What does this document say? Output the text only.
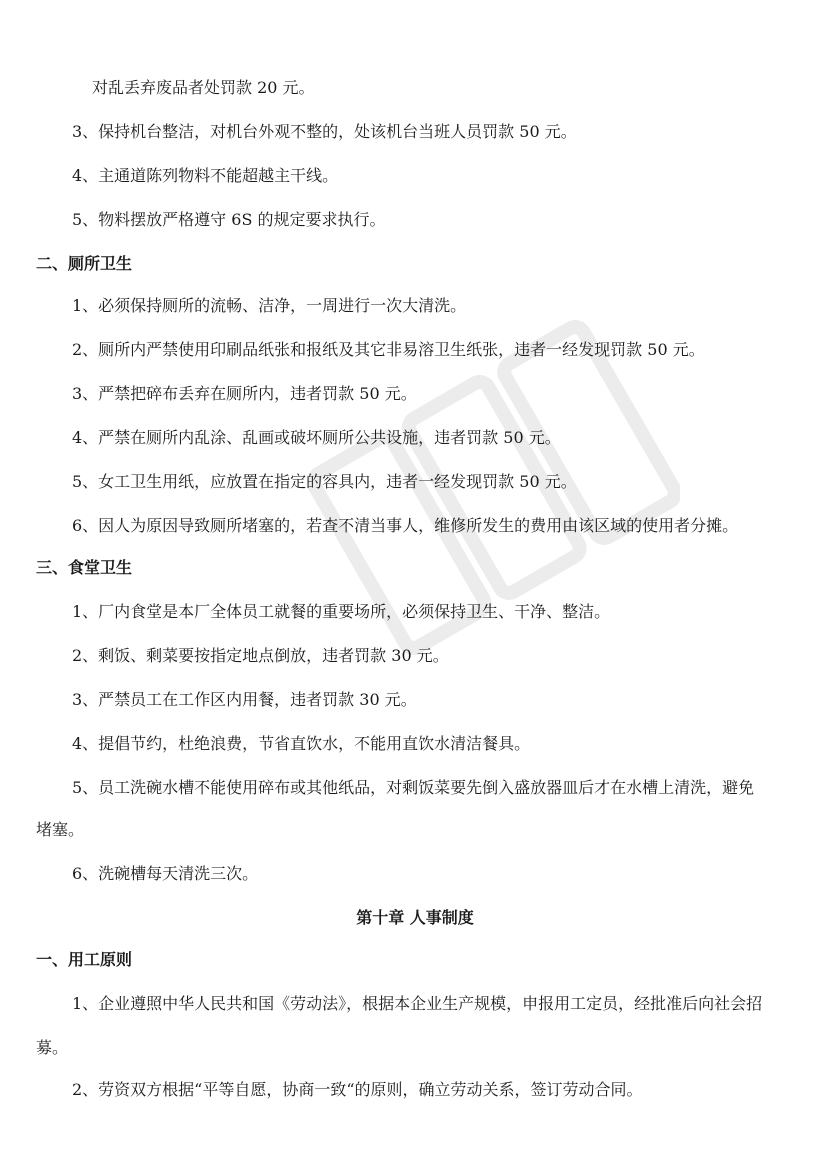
对乱丢弃废品者处罚款 20 元。
3、保持机台整洁，对机台外观不整的，处该机台当班人员罚款 50 元。
4、主通道陈列物料不能超越主干线。
5、物料摆放严格遵守 6S 的规定要求执行。
二、厕所卫生
1、必须保持厕所的流畅、洁净，一周进行一次大清洗。
2、厕所内严禁使用印刷品纸张和报纸及其它非易溶卫生纸张，违者一经发现罚款 50 元。
3、严禁把碎布丢弃在厕所内，违者罚款 50 元。
4、严禁在厕所内乱涂、乱画或破坏厕所公共设施，违者罚款 50 元。
5、女工卫生用纸，应放置在指定的容具内，违者一经发现罚款 50 元。
6、因人为原因导致厕所堵塞的，若查不清当事人，维修所发生的费用由该区域的使用者分摊。
三、食堂卫生
1、厂内食堂是本厂全体员工就餐的重要场所，必须保持卫生、干净、整洁。
2、剩饭、剩菜要按指定地点倒放，违者罚款 30 元。
3、严禁员工在工作区内用餐，违者罚款 30 元。
4、提倡节约，杜绝浪费，节省直饮水，不能用直饮水清洁餐具。
5、员工洗碗水槽不能使用碎布或其他纸品，对剩饭菜要先倒入盛放器皿后才在水槽上清洗，避免
堵塞。
6、洗碗槽每天清洗三次。
第十章 人事制度
一、用工原则
1、企业遵照中华人民共和国《劳动法》，根据本企业生产规模，申报用工定员，经批准后向社会招
募。
2、劳资双方根据“平等自愿，协商一致“的原则，确立劳动关系，签订劳动合同。
